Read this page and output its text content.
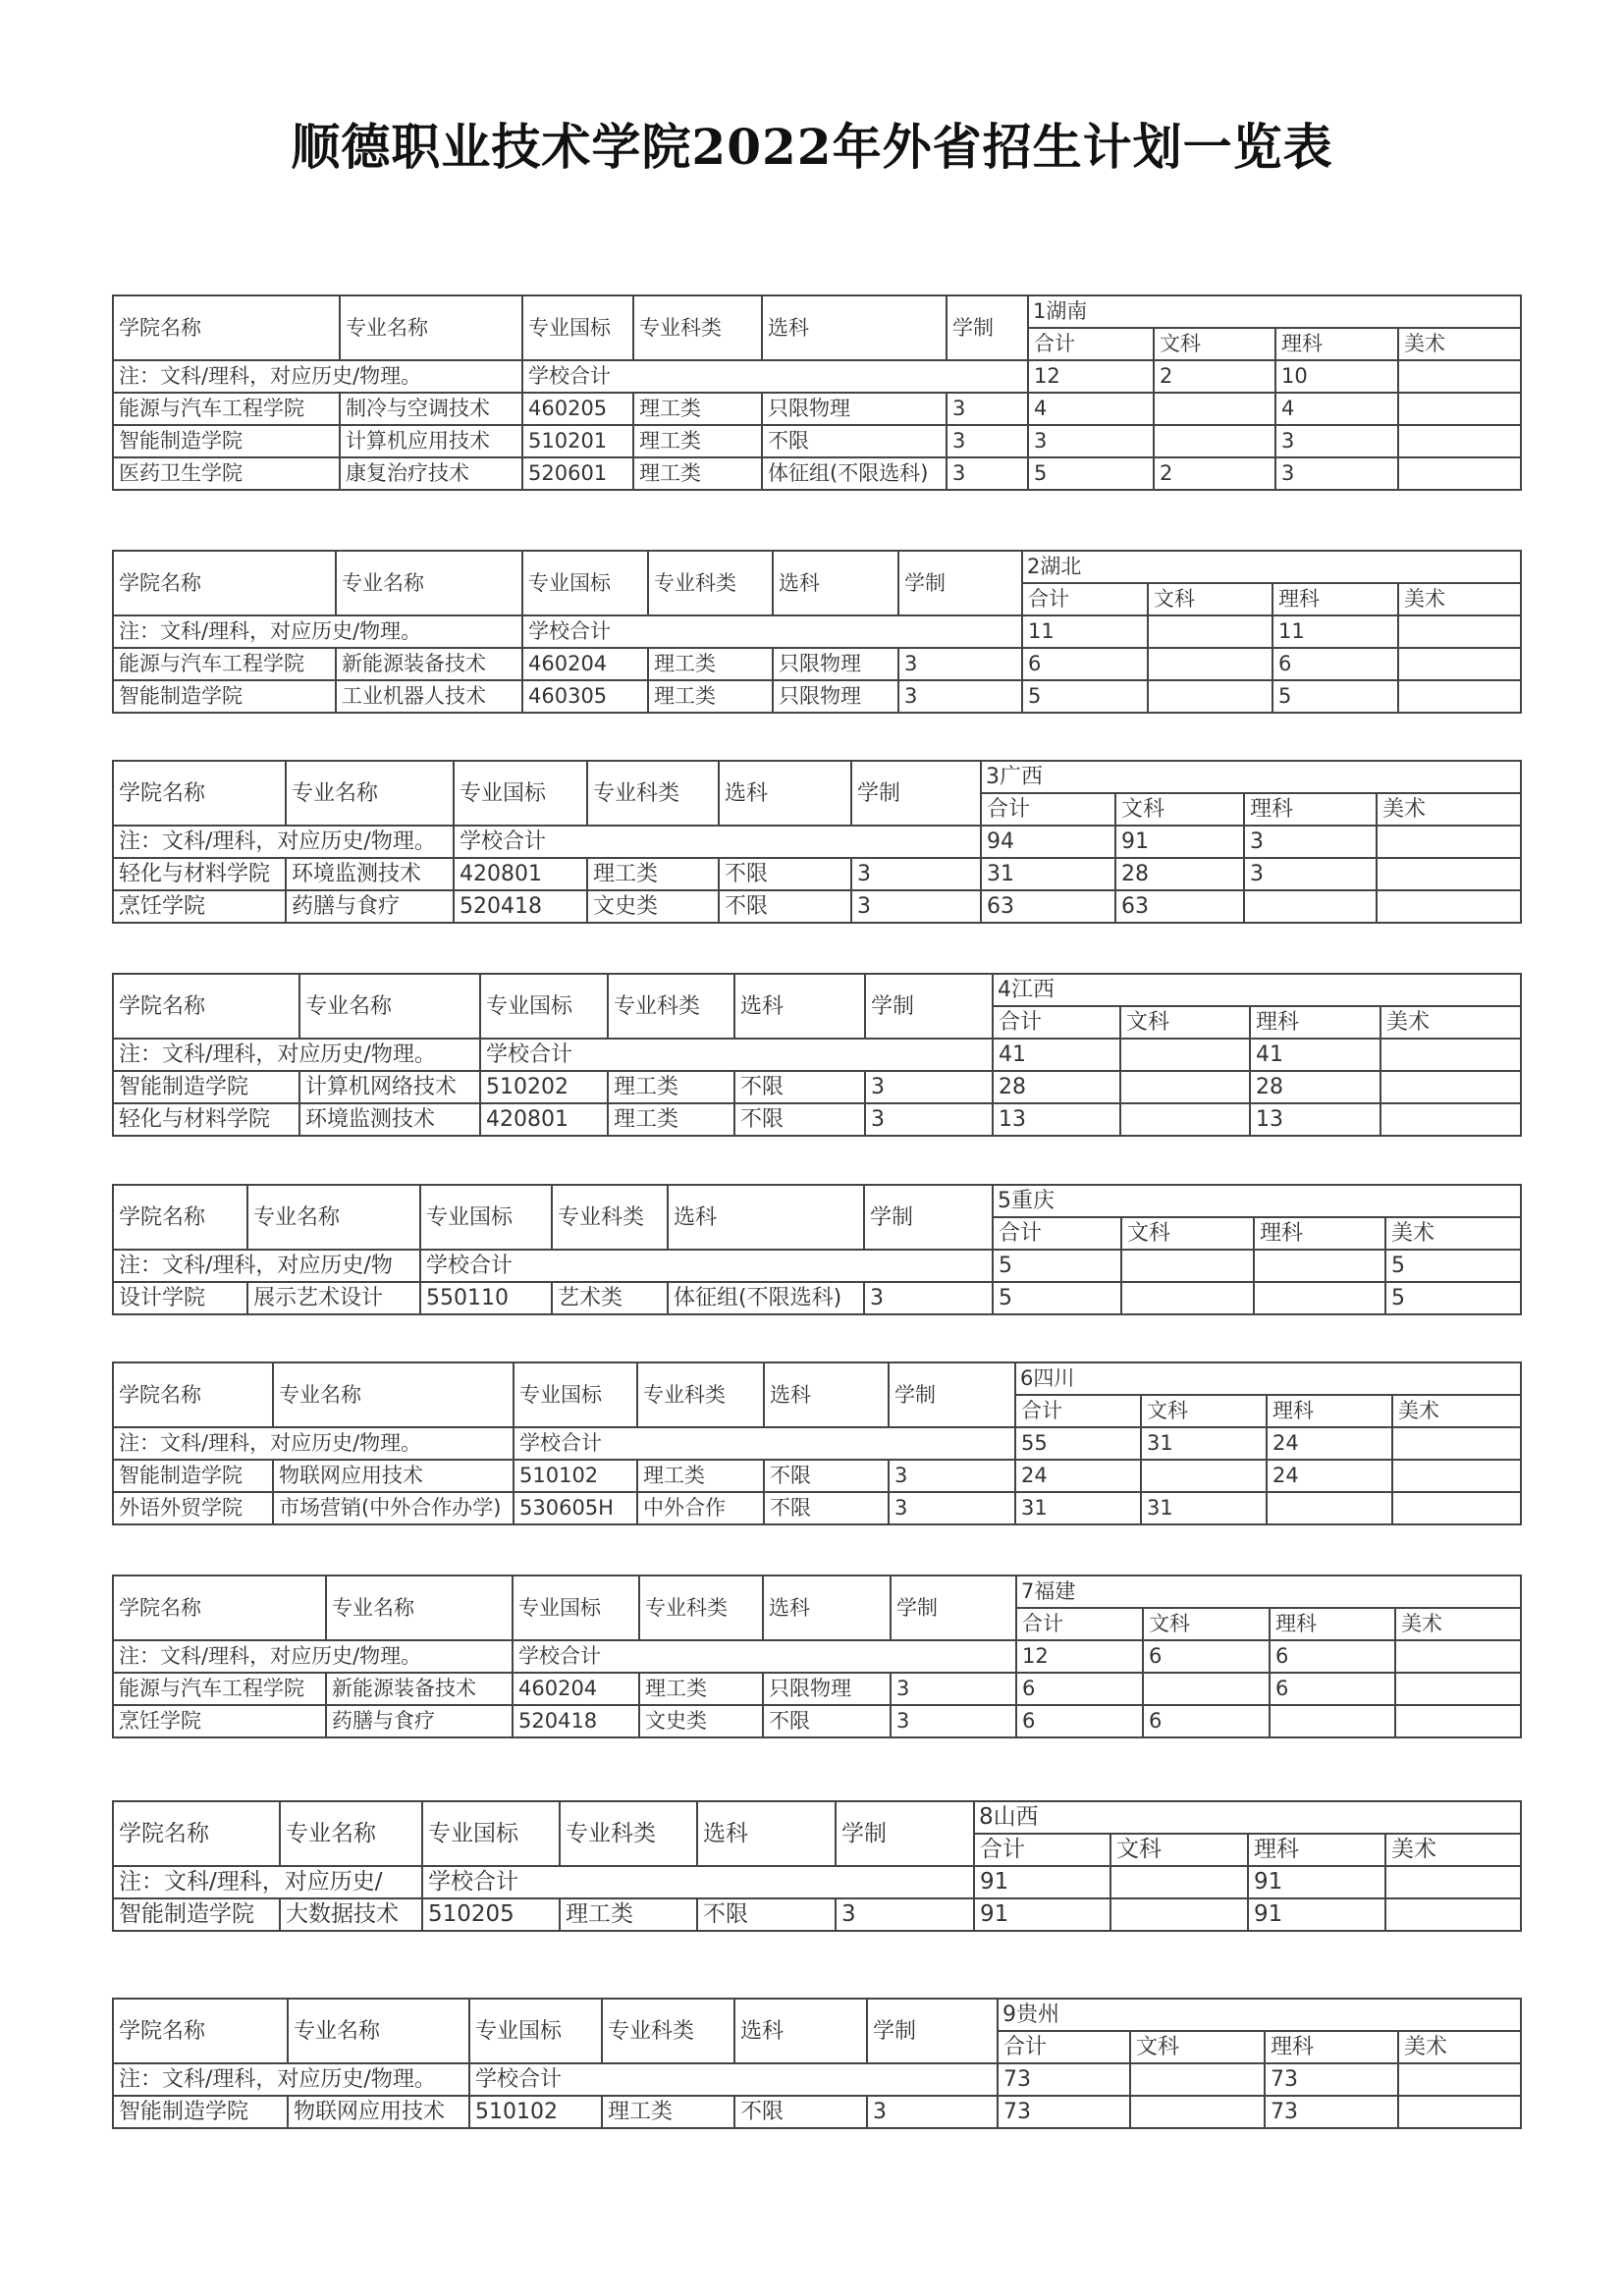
顺德职业技术学院2022年外省招生计划一览表
学院名称	专业名称	专业国标	专业科类	选科	学制	1湖南			
						合计	文科	理科	美术
注：文科/理科，对应历史/物理。		学校合计				12	2	10	
能源与汽车工程学院	制冷与空调技术	460205	理工类	只限物理	3	4		4	
智能制造学院	计算机应用技术	510201	理工类	不限	3	3		3	
医药卫生学院	康复治疗技术	520601	理工类	体征组(不限选科)	3	5	2	3	
学院名称	专业名称	专业国标	专业科类	选科	学制	2湖北			
						合计	文科	理科	美术
注：文科/理科，对应历史/物理。		学校合计				11		11	
能源与汽车工程学院	新能源装备技术	460204	理工类	只限物理	3	6		6	
智能制造学院	工业机器人技术	460305	理工类	只限物理	3	5		5	
学院名称	专业名称	专业国标	专业科类	选科	学制	3广西			
						合计	文科	理科	美术
注：文科/理科，对应历史/物理。		学校合计				94	91	3	
轻化与材料学院	环境监测技术	420801	理工类	不限	3	31	28	3	
烹饪学院	药膳与食疗	520418	文史类	不限	3	63	63		
学院名称	专业名称	专业国标	专业科类	选科	学制	4江西			
						合计	文科	理科	美术
注：文科/理科，对应历史/物理。		学校合计				41		41	
智能制造学院	计算机网络技术	510202	理工类	不限	3	28		28	
轻化与材料学院	环境监测技术	420801	理工类	不限	3	13		13	
学院名称	专业名称	专业国标	专业科类	选科	学制	5重庆			
						合计	文科	理科	美术
注：文科/理科，对应历史/物		学校合计				5			5
设计学院	展示艺术设计	550110	艺术类	体征组(不限选科)	3	5			5
学院名称	专业名称	专业国标	专业科类	选科	学制	6四川			
						合计	文科	理科	美术
注：文科/理科，对应历史/物理。		学校合计				55	31	24	
智能制造学院	物联网应用技术	510102	理工类	不限	3	24		24	
外语外贸学院	市场营销(中外合作办学)	530605H	中外合作	不限	3	31	31		
学院名称	专业名称	专业国标	专业科类	选科	学制	7福建			
						合计	文科	理科	美术
注：文科/理科，对应历史/物理。		学校合计				12	6	6	
能源与汽车工程学院	新能源装备技术	460204	理工类	只限物理	3	6		6	
烹饪学院	药膳与食疗	520418	文史类	不限	3	6	6		
学院名称	专业名称	专业国标	专业科类	选科	学制	8山西			
						合计	文科	理科	美术
注：文科/理科，对应历史/		学校合计				91		91	
智能制造学院	大数据技术	510205	理工类	不限	3	91		91	
学院名称	专业名称	专业国标	专业科类	选科	学制	9贵州			
						合计	文科	理科	美术
注：文科/理科，对应历史/物理。		学校合计				73		73	
智能制造学院	物联网应用技术	510102	理工类	不限	3	73		73	
